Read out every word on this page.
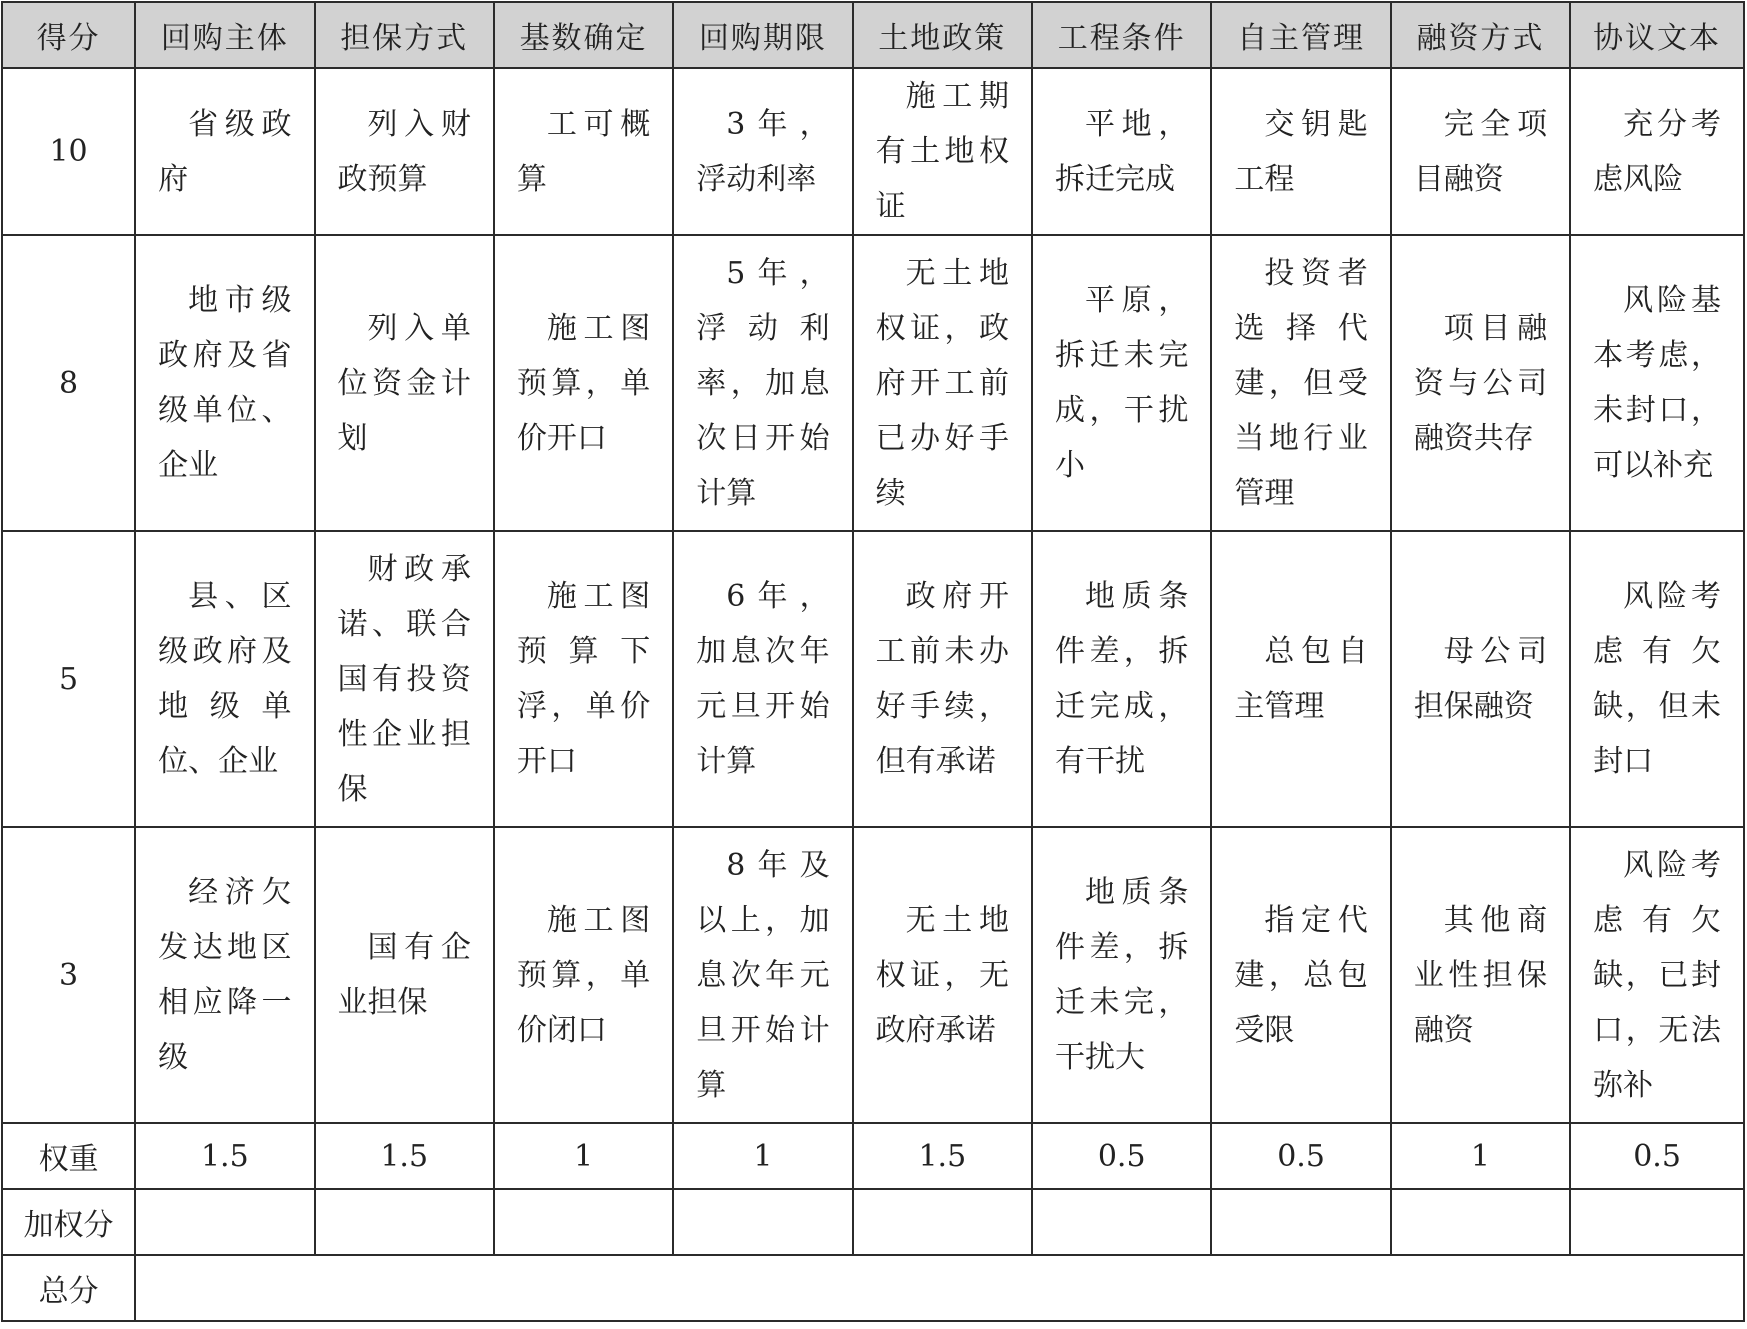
得分	回购主体	担保方式	基数确定	回购期限	土地政策	工程条件	自主管理	融资方式	协议文本
10	省级政府	列入财政预算	工可概算	3年，浮动利率	施工期有土地权证	平地，拆迁完成	交钥匙工程	完全项目融资	充分考虑风险
8	地市级政府及省级单位、企业	列入单位资金计划	施工图预算，单价开口	5年，浮动利率，加息次日开始计算	无土地权证，政府开工前已办好手续	平原，拆迁未完成，干扰小	投资者选择代建，但受当地行业管理	项目融资与公司融资共存	风险基本考虑，未封口，可以补充
5	县、区级政府及地级单位、企业	财政承诺、联合国有投资性企业担保	施工图预算下浮，单价开口	6年，加息次年元旦开始计算	政府开工前未办好手续，但有承诺	地质条件差，拆迁完成，有干扰	总包自主管理	母公司担保融资	风险考虑有欠缺，但未封口
3	经济欠发达地区相应降一级	国有企业担保	施工图预算，单价闭口	8年及以上，加息次年元旦开始计算	无土地权证，无政府承诺	地质条件差，拆迁未完，干扰大	指定代建，总包受限	其他商业性担保融资	风险考虑有欠缺，已封口，无法弥补
权重	1.5	1.5	1	1	1.5	0.5	0.5	1	0.5
加权分									
总分									
